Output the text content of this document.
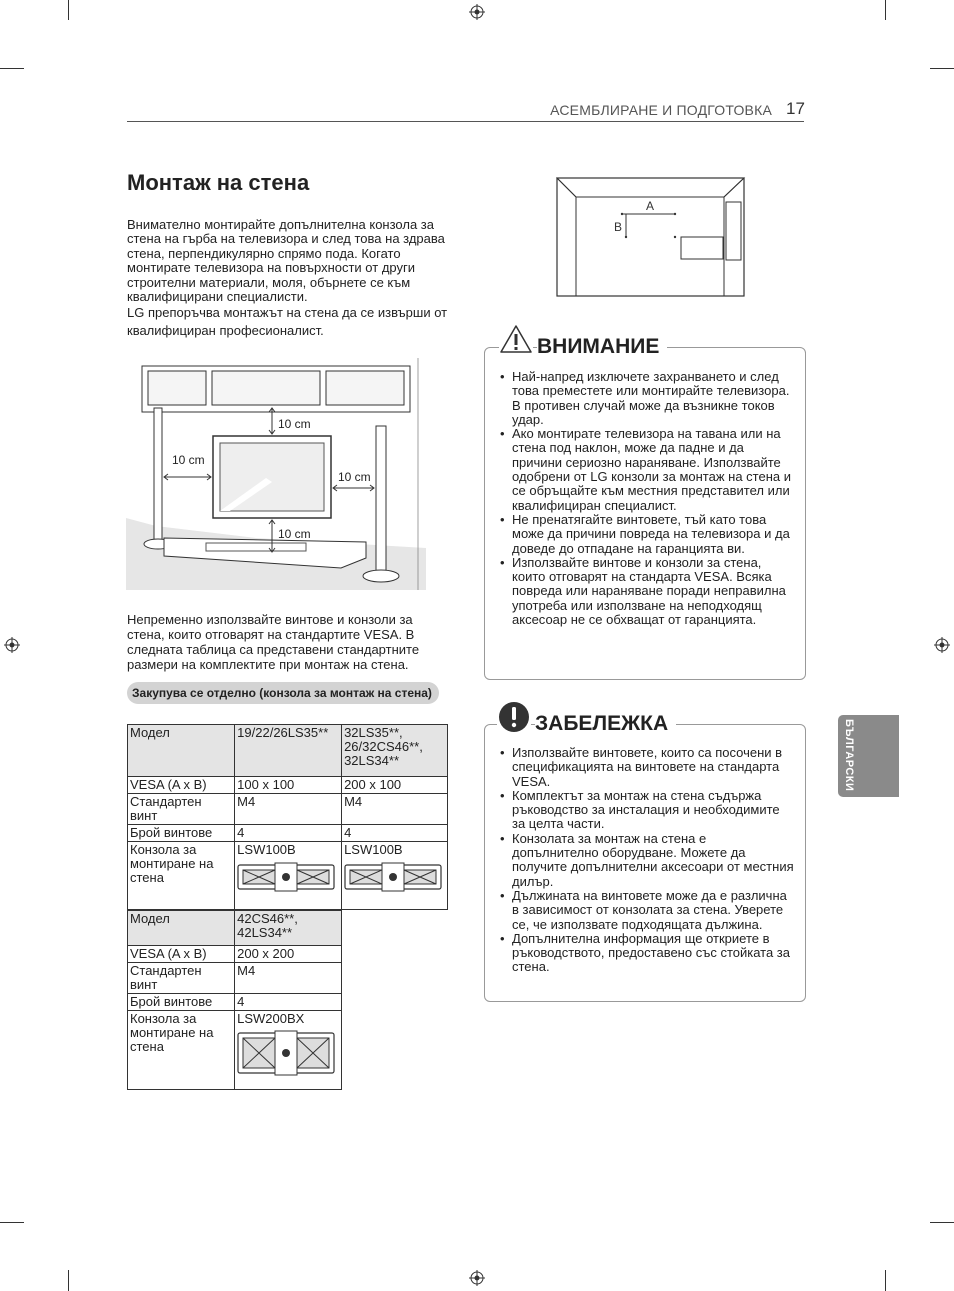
АСЕМБЛИРАНЕ И ПОДГОТОВКА 17
Монтаж на стена

Внимателно монтирайте допълнителна конзола за стена на гърба на телевизора и след това на здрава стена, перпендикулярно спрямо пода. Когато монтирате телевизора на повърхности от други строителни материали, моля, обърнете се към квалифицирани специалисти.

LG препоръчва монтажът на стена да се извърши от квалифициран професионалист.

10 cm
10 cm
10 cm
10 cm
Непременно използвайте винтове и конзоли за стена, които отговарят на стандартите VESA. В следната таблица са представени стандартните размери на комплектите при монтаж на стена.
Закупува се отделно (конзола за монтаж на стена)
Модел	19/22/26LS35**	32LS35**, 26/32CS46**, 32LS34**
VESA (A x B)	100 x 100	200 x 100
Стандартен винт	M4	M4
Брой винтове	4	4
Конзола за монтиране на стена	LSW100B	LSW100B
Модел	42CS46**, 42LS34**
VESA (A x B)	200 x 200
Стандартен винт	M4
Брой винтове	4
Конзола за монтиране на стена	LSW200BX
A
B
ВНИМАНИЕ
• Най-напред изключете захранването и след това преместете или монтирайте телевизора. В противен случай може да възникне токов удар.
• Ако монтирате телевизора на тавана или на стена под наклон, може да падне и да причини сериозно нараняване. Използвайте одобрени от LG конзоли за монтаж на стена и се обръщайте към местния представител или квалифициран специалист.
• Не пренатягайте винтовете, тъй като това може да причини повреда на телевизора и да доведе до отпадане на гаранцията ви.
• Използвайте винтове и конзоли за стена, които отговарят на стандарта VESA. Всяка повреда или нараняване поради неправилна употреба или използване на неподходящ аксесоар не се обхващат от гаранцията.
ЗАБЕЛЕЖКА
• Използвайте винтовете, които са посочени в спецификацията на винтовете на стандарта VESA.
• Комплектът за монтаж на стена съдържа ръководство за инсталация и необходимите за целта части.
• Конзолата за монтаж на стена е допълнително оборудване. Можете да получите допълнителни аксесоари от местния дилър.
• Дължината на винтовете може да е различна в зависимост от конзолата за стена. Уверете се, че използвате подходящата дължина.
• Допълнителна информация ще откриете в ръководството, предоставено със стойката за стена.
БЪЛГАРСКИ
